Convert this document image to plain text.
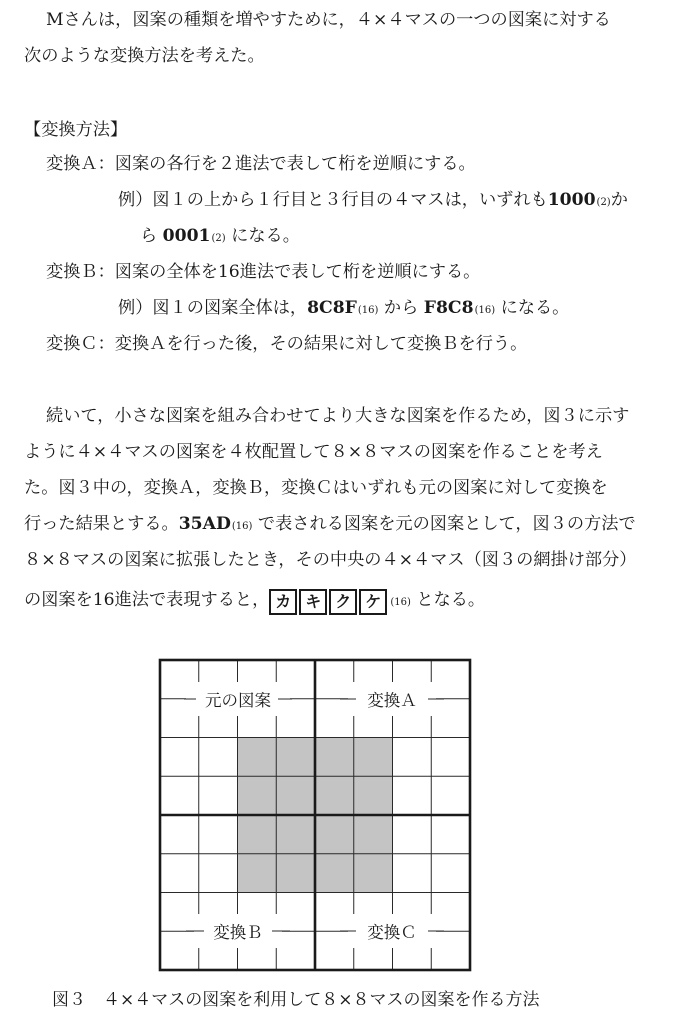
Mさんは，図案の種類を増やすために，４×４マスの一つの図案に対する
次のような変換方法を考えた。
【変換方法】
変換Ａ：図案の各行を２進法で表して桁を逆順にする。
例）図１の上から１行目と３行目の４マスは，いずれも1000(2)か
ら 0001(2) になる。
変換Ｂ：図案の全体を16進法で表して桁を逆順にする。
例）図１の図案全体は，8C8F(16) から F8C8(16) になる。
変換Ｃ：変換Ａを行った後，その結果に対して変換Ｂを行う。
続いて，小さな図案を組み合わせてより大きな図案を作るため，図３に示す
ように４×４マスの図案を４枚配置して８×８マスの図案を作ることを考え
た。図３中の，変換Ａ，変換Ｂ，変換Ｃはいずれも元の図案に対して変換を
行った結果とする。35AD(16) で表される図案を元の図案として，図３の方法で
８×８マスの図案に拡張したとき，その中央の４×４マス（図３の網掛け部分）
の図案を16進法で表現すると， カ キ ク ケ (16) となる。
元の図案	変換Ａ
変換Ｂ	変換Ｃ
図３　４×４マスの図案を利用して８×８マスの図案を作る方法
